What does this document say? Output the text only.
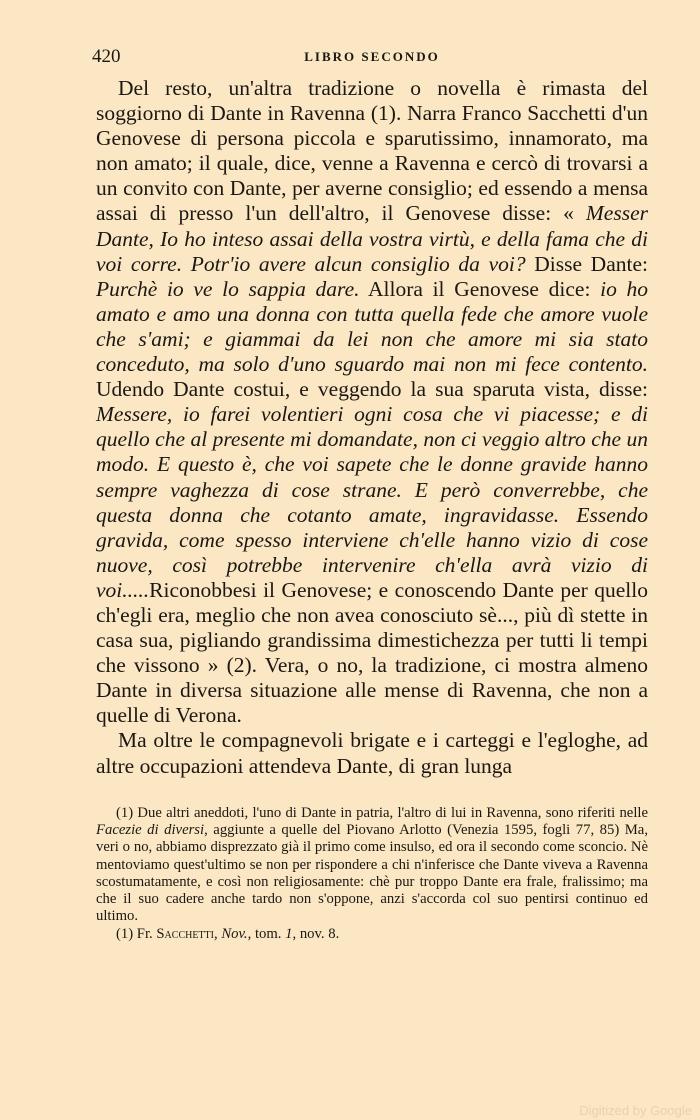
420	LIBRO SECONDO

Del resto, un'altra tradizione o novella è rimasta del soggiorno di Dante in Ravenna (1). Narra Franco Sacchetti d'un Genovese di persona piccola e sparutissimo, innamorato, ma non amato; il quale, dice, venne a Ravenna e cercò di trovarsi a un convito con Dante, per averne consiglio; ed essendo a mensa assai di presso l'un dell'altro, il Genovese disse: « Messer Dante, Io ho inteso assai della vostra virtù, e della fama che di voi corre. Potr'io avere alcun consiglio da voi? Disse Dante: Purchè io ve lo sappia dare. Allora il Genovese dice: io ho amato e amo una donna con tutta quella fede che amore vuole che s'ami; e giammai da lei non che amore mi sia stato conceduto, ma solo d'uno sguardo mai non mi fece contento. Udendo Dante costui, e veggendo la sua sparuta vista, disse: Messere, io farei volentieri ogni cosa che vi piacesse; e di quello che al presente mi domandate, non ci veggio altro che un modo. E questo è, che voi sapete che le donne gravide hanno sempre vaghezza di cose strane. E però converrebbe, che questa donna che cotanto amate, ingravidasse. Essendo gravida, come spesso interviene ch'elle hanno vizio di cose nuove, così potrebbe intervenire ch'ella avrà vizio di voi.....Riconobbesi il Genovese; e conoscendo Dante per quello ch'egli era, meglio che non avea conosciuto sè..., più dì stette in casa sua, pigliando grandissima dimestichezza per tutti li tempi che vissono » (2). Vera, o no, la tradizione, ci mostra almeno Dante in diversa situazione alle mense di Ravenna, che non a quelle di Verona.

Ma oltre le compagnevoli brigate e i carteggi e l'egloghe, ad altre occupazioni attendeva Dante, di gran lunga

(1) Due altri aneddoti, l'uno di Dante in patria, l'altro di lui in Ravenna, sono riferiti nelle Facezie di diversi, aggiunte a quelle del Piovano Arlotto (Venezia 1595, fogli 77, 85) Ma, veri o no, abbiamo disprezzato già il primo come insulso, ed ora il secondo come sconcio. Nè mentoviamo quest'ultimo se non per rispondere a chi n'inferisce che Dante viveva a Ravenna scostumatamente, e così non religiosamente: chè pur troppo Dante era frale, fralissimo; ma che il suo cadere anche tardo non s'oppone, anzi s'accorda col suo pentirsi continuo ed ultimo.

(1) Fr. Sacchetti, Nov., tom. 1, nov. 8.

Digitized by Google
